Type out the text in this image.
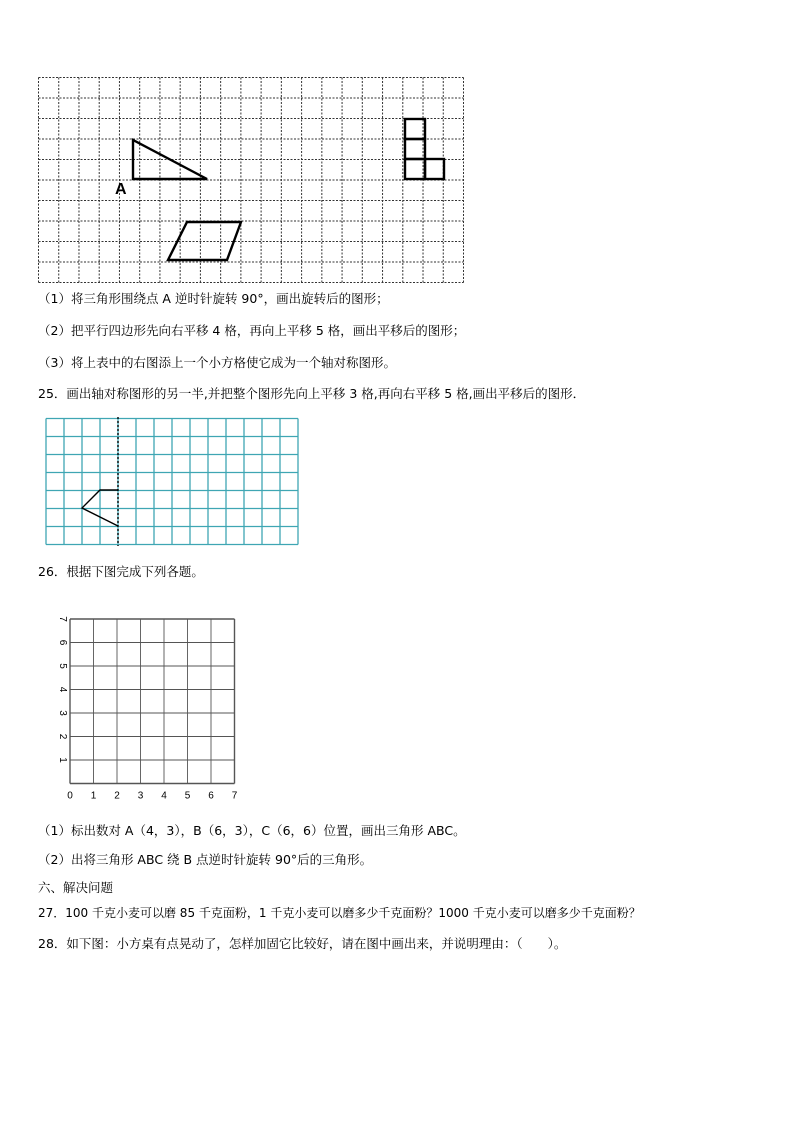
A
（1）将三角形围绕点 A 逆时针旋转 90°，画出旋转后的图形；
（2）把平行四边形先向右平移 4 格，再向上平移 5 格，画出平移后的图形；
（3）将上表中的右图添上一个小方格使它成为一个轴对称图形。
25．画出轴对称图形的另一半,并把整个图形先向上平移 3 格,再向右平移 5 格,画出平移后的图形．
26．根据下图完成下列各题。
0 1 2 3 4 5 6 7
1
2
3
4
5
6
7
（1）标出数对 A（4，3），B（6，3），C（6，6）位置，画出三角形 ABC。
（2）出将三角形 ABC 绕 B 点逆时针旋转 90°后的三角形。
六、解决问题
27．100 千克小麦可以磨 85 千克面粉，1 千克小麦可以磨多少千克面粉？1000 千克小麦可以磨多少千克面粉？
28．如下图：小方桌有点晃动了，怎样加固它比较好，请在图中画出来，并说明理由：（　　）。
